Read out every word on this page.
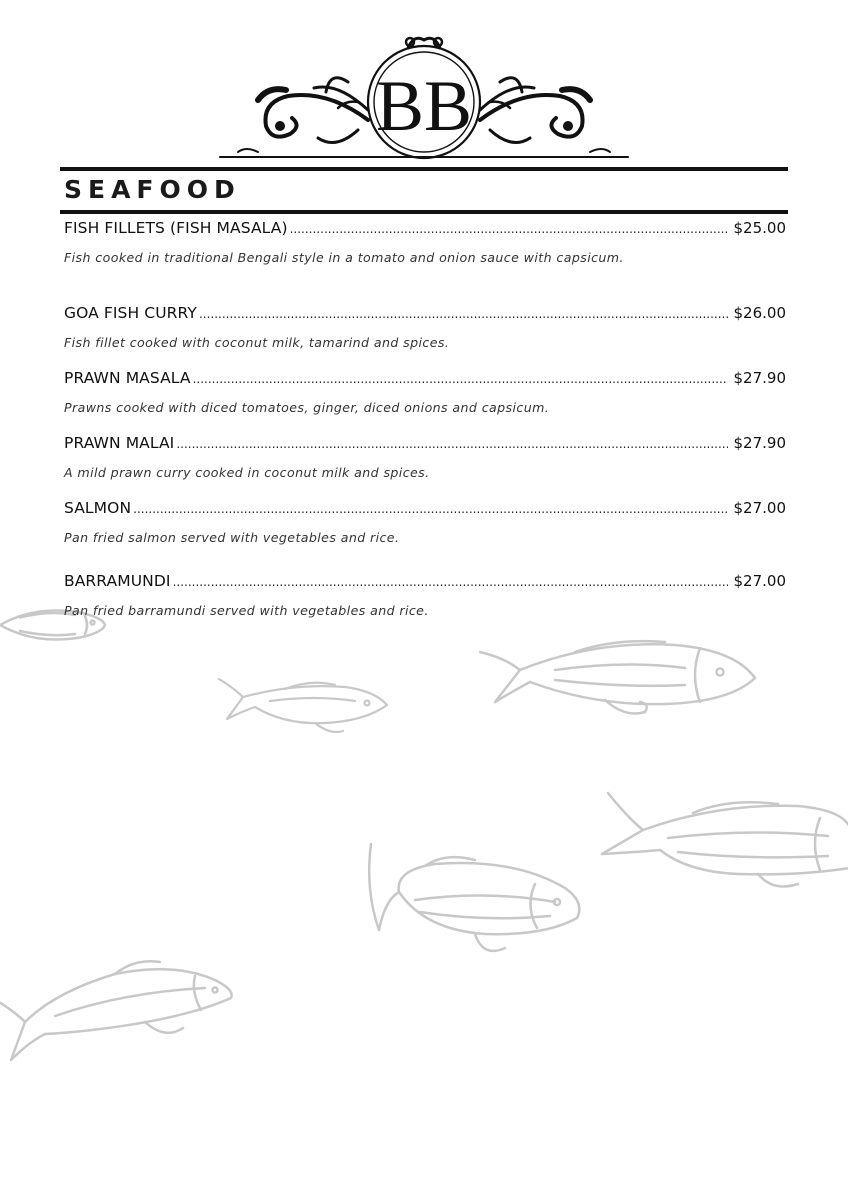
BB
SEAFOOD
FISH FILLETS (FISH MASALA) .....	$25.00
Fish cooked in traditional Bengali style in a tomato and onion sauce with capsicum.
GOA FISH CURRY .....	$26.00
Fish fillet cooked with coconut milk, tamarind and spices.
PRAWN MASALA .....	$27.90
Prawns cooked with diced tomatoes, ginger, diced onions and capsicum.
PRAWN MALAI .....	$27.90
A mild prawn curry cooked in coconut milk and spices.
SALMON .....	$27.00
Pan fried salmon served with vegetables and rice.
BARRAMUNDI .....	$27.00
Pan fried barramundi served with vegetables and rice.
